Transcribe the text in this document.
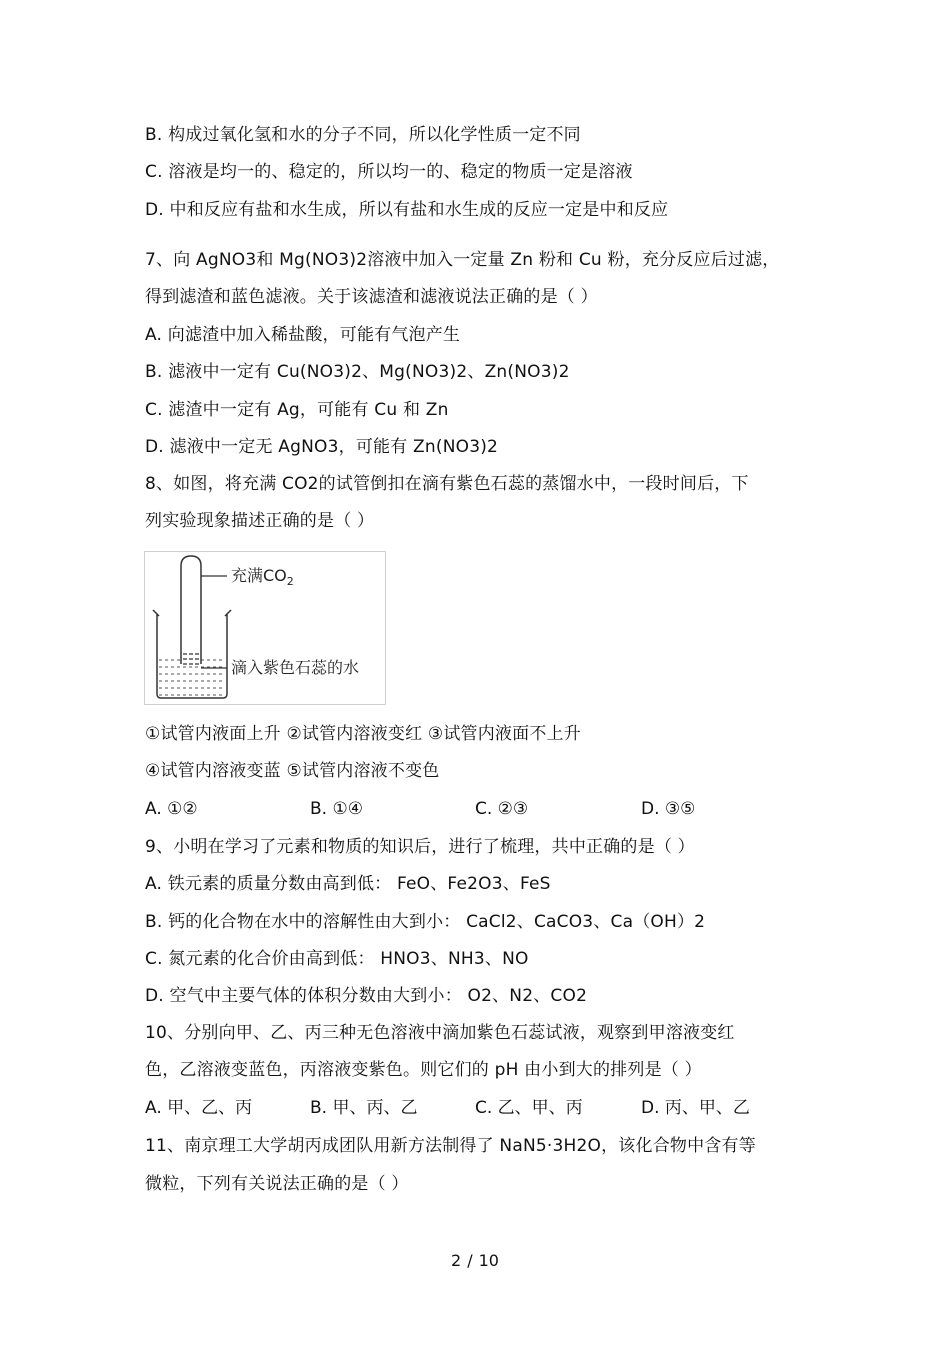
B. 构成过氧化氢和水的分子不同，所以化学性质一定不同
C. 溶液是均一的、稳定的，所以均一的、稳定的物质一定是溶液
D. 中和反应有盐和水生成，所以有盐和水生成的反应一定是中和反应
7、向 AgNO3和 Mg(NO3)2溶液中加入一定量 Zn 粉和 Cu 粉，充分反应后过滤，
得到滤渣和蓝色滤液。关于该滤渣和滤液说法正确的是（ ）
A. 向滤渣中加入稀盐酸，可能有气泡产生
B. 滤液中一定有 Cu(NO3)2、Mg(NO3)2、Zn(NO3)2
C. 滤渣中一定有 Ag，可能有 Cu 和 Zn
D. 滤液中一定无 AgNO3，可能有 Zn(NO3)2
8、如图，将充满 CO2的试管倒扣在滴有紫色石蕊的蒸馏水中，一段时间后，下
列实验现象描述正确的是（ ）
充满$CO_2$
滴入紫色石蕊的水
①试管内液面上升 ②试管内溶液变红 ③试管内液面不上升
④试管内溶液变蓝 ⑤试管内溶液不变色
A. ①②	B. ①④	C. ②③	D. ③⑤
9、小明在学习了元素和物质的知识后，进行了梳理，共中正确的是（ ）
A. 铁元素的质量分数由高到低： FeO、Fe2O3、FeS
B. 钙的化合物在水中的溶解性由大到小： CaCl2、CaCO3、Ca（OH）2
C. 氮元素的化合价由高到低： HNO3、NH3、NO
D. 空气中主要气体的体积分数由大到小： O2、N2、CO2
10、分别向甲、乙、丙三种无色溶液中滴加紫色石蕊试液，观察到甲溶液变红
色，乙溶液变蓝色，丙溶液变紫色。则它们的 pH 由小到大的排列是（ ）
A. 甲、乙、丙	B. 甲、丙、乙	C. 乙、甲、丙	D. 丙、甲、乙
11、南京理工大学胡丙成团队用新方法制得了 NaN5·3H2O，该化合物中含有等
微粒，下列有关说法正确的是（ ）
2 / 10
